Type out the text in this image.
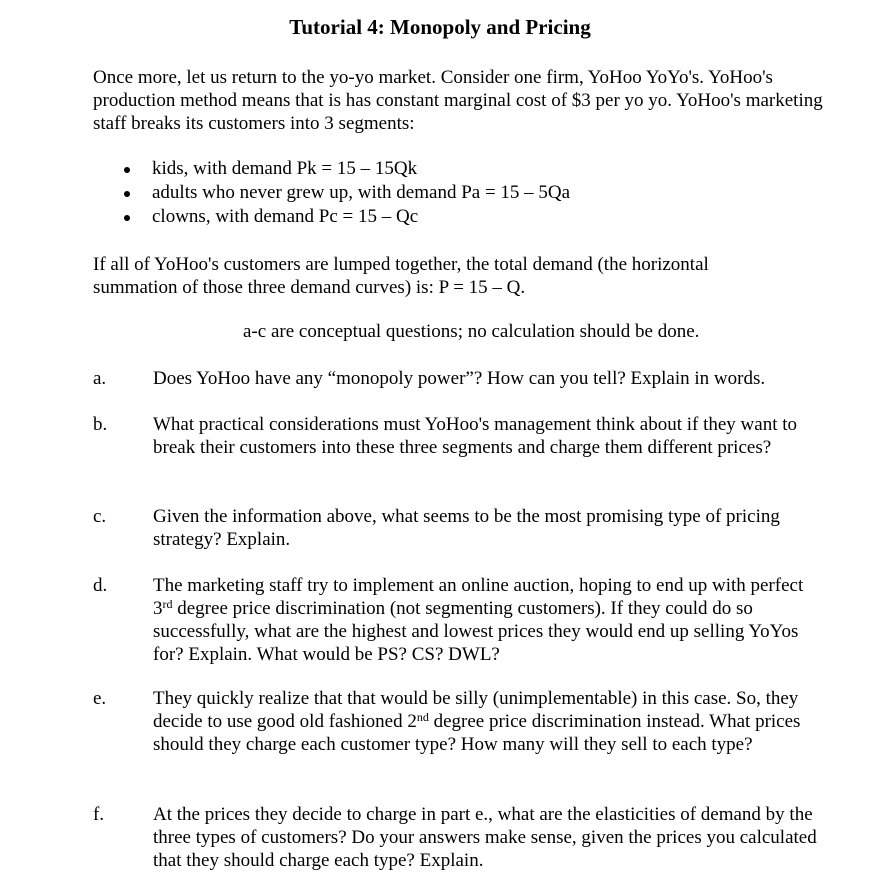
Tutorial 4: Monopoly and Pricing

Once more, let us return to the yo-yo market. Consider one firm, YoHoo YoYo's. YoHoo's production method means that is has constant marginal cost of $3 per yo yo. YoHoo's marketing staff breaks its customers into 3 segments:

kids, with demand Pk = 15 – 15Qk
adults who never grew up, with demand Pa = 15 – 5Qa
clowns, with demand Pc = 15 – Qc

If all of YoHoo's customers are lumped together, the total demand (the horizontal summation of those three demand curves) is: P = 15 – Q.

a-c are conceptual questions; no calculation should be done.

a.	Does YoHoo have any “monopoly power”? How can you tell? Explain in words.
b.	What practical considerations must YoHoo's management think about if they want to break their customers into these three segments and charge them different prices?
c.	Given the information above, what seems to be the most promising type of pricing strategy? Explain.
d.	The marketing staff try to implement an online auction, hoping to end up with perfect 3rd degree price discrimination (not segmenting customers). If they could do so successfully, what are the highest and lowest prices they would end up selling YoYos for? Explain. What would be PS? CS? DWL?
e.	They quickly realize that that would be silly (unimplementable) in this case. So, they decide to use good old fashioned 2nd degree price discrimination instead. What prices should they charge each customer type? How many will they sell to each type?
f.	At the prices they decide to charge in part e., what are the elasticities of demand by the three types of customers? Do your answers make sense, given the prices you calculated that they should charge each type? Explain.
